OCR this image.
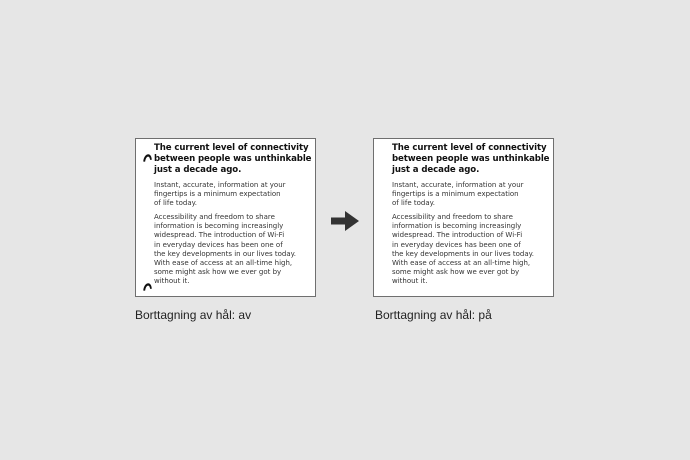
The current level of connectivity
between people was unthinkable
just a decade ago.
Instant, accurate, information at your
fingertips is a minimum expectation
of life today.
Accessibility and freedom to share
information is becoming increasingly
widespread. The introduction of Wi-Fi
in everyday devices has been one of
the key developments in our lives today.
With ease of access at an all-time high,
some might ask how we ever got by
without it.
The current level of connectivity
between people was unthinkable
just a decade ago.
Instant, accurate, information at your
fingertips is a minimum expectation
of life today.
Accessibility and freedom to share
information is becoming increasingly
widespread. The introduction of Wi-Fi
in everyday devices has been one of
the key developments in our lives today.
With ease of access at an all-time high,
some might ask how we ever got by
without it.
Borttagning av hål: av	Borttagning av hål: på
